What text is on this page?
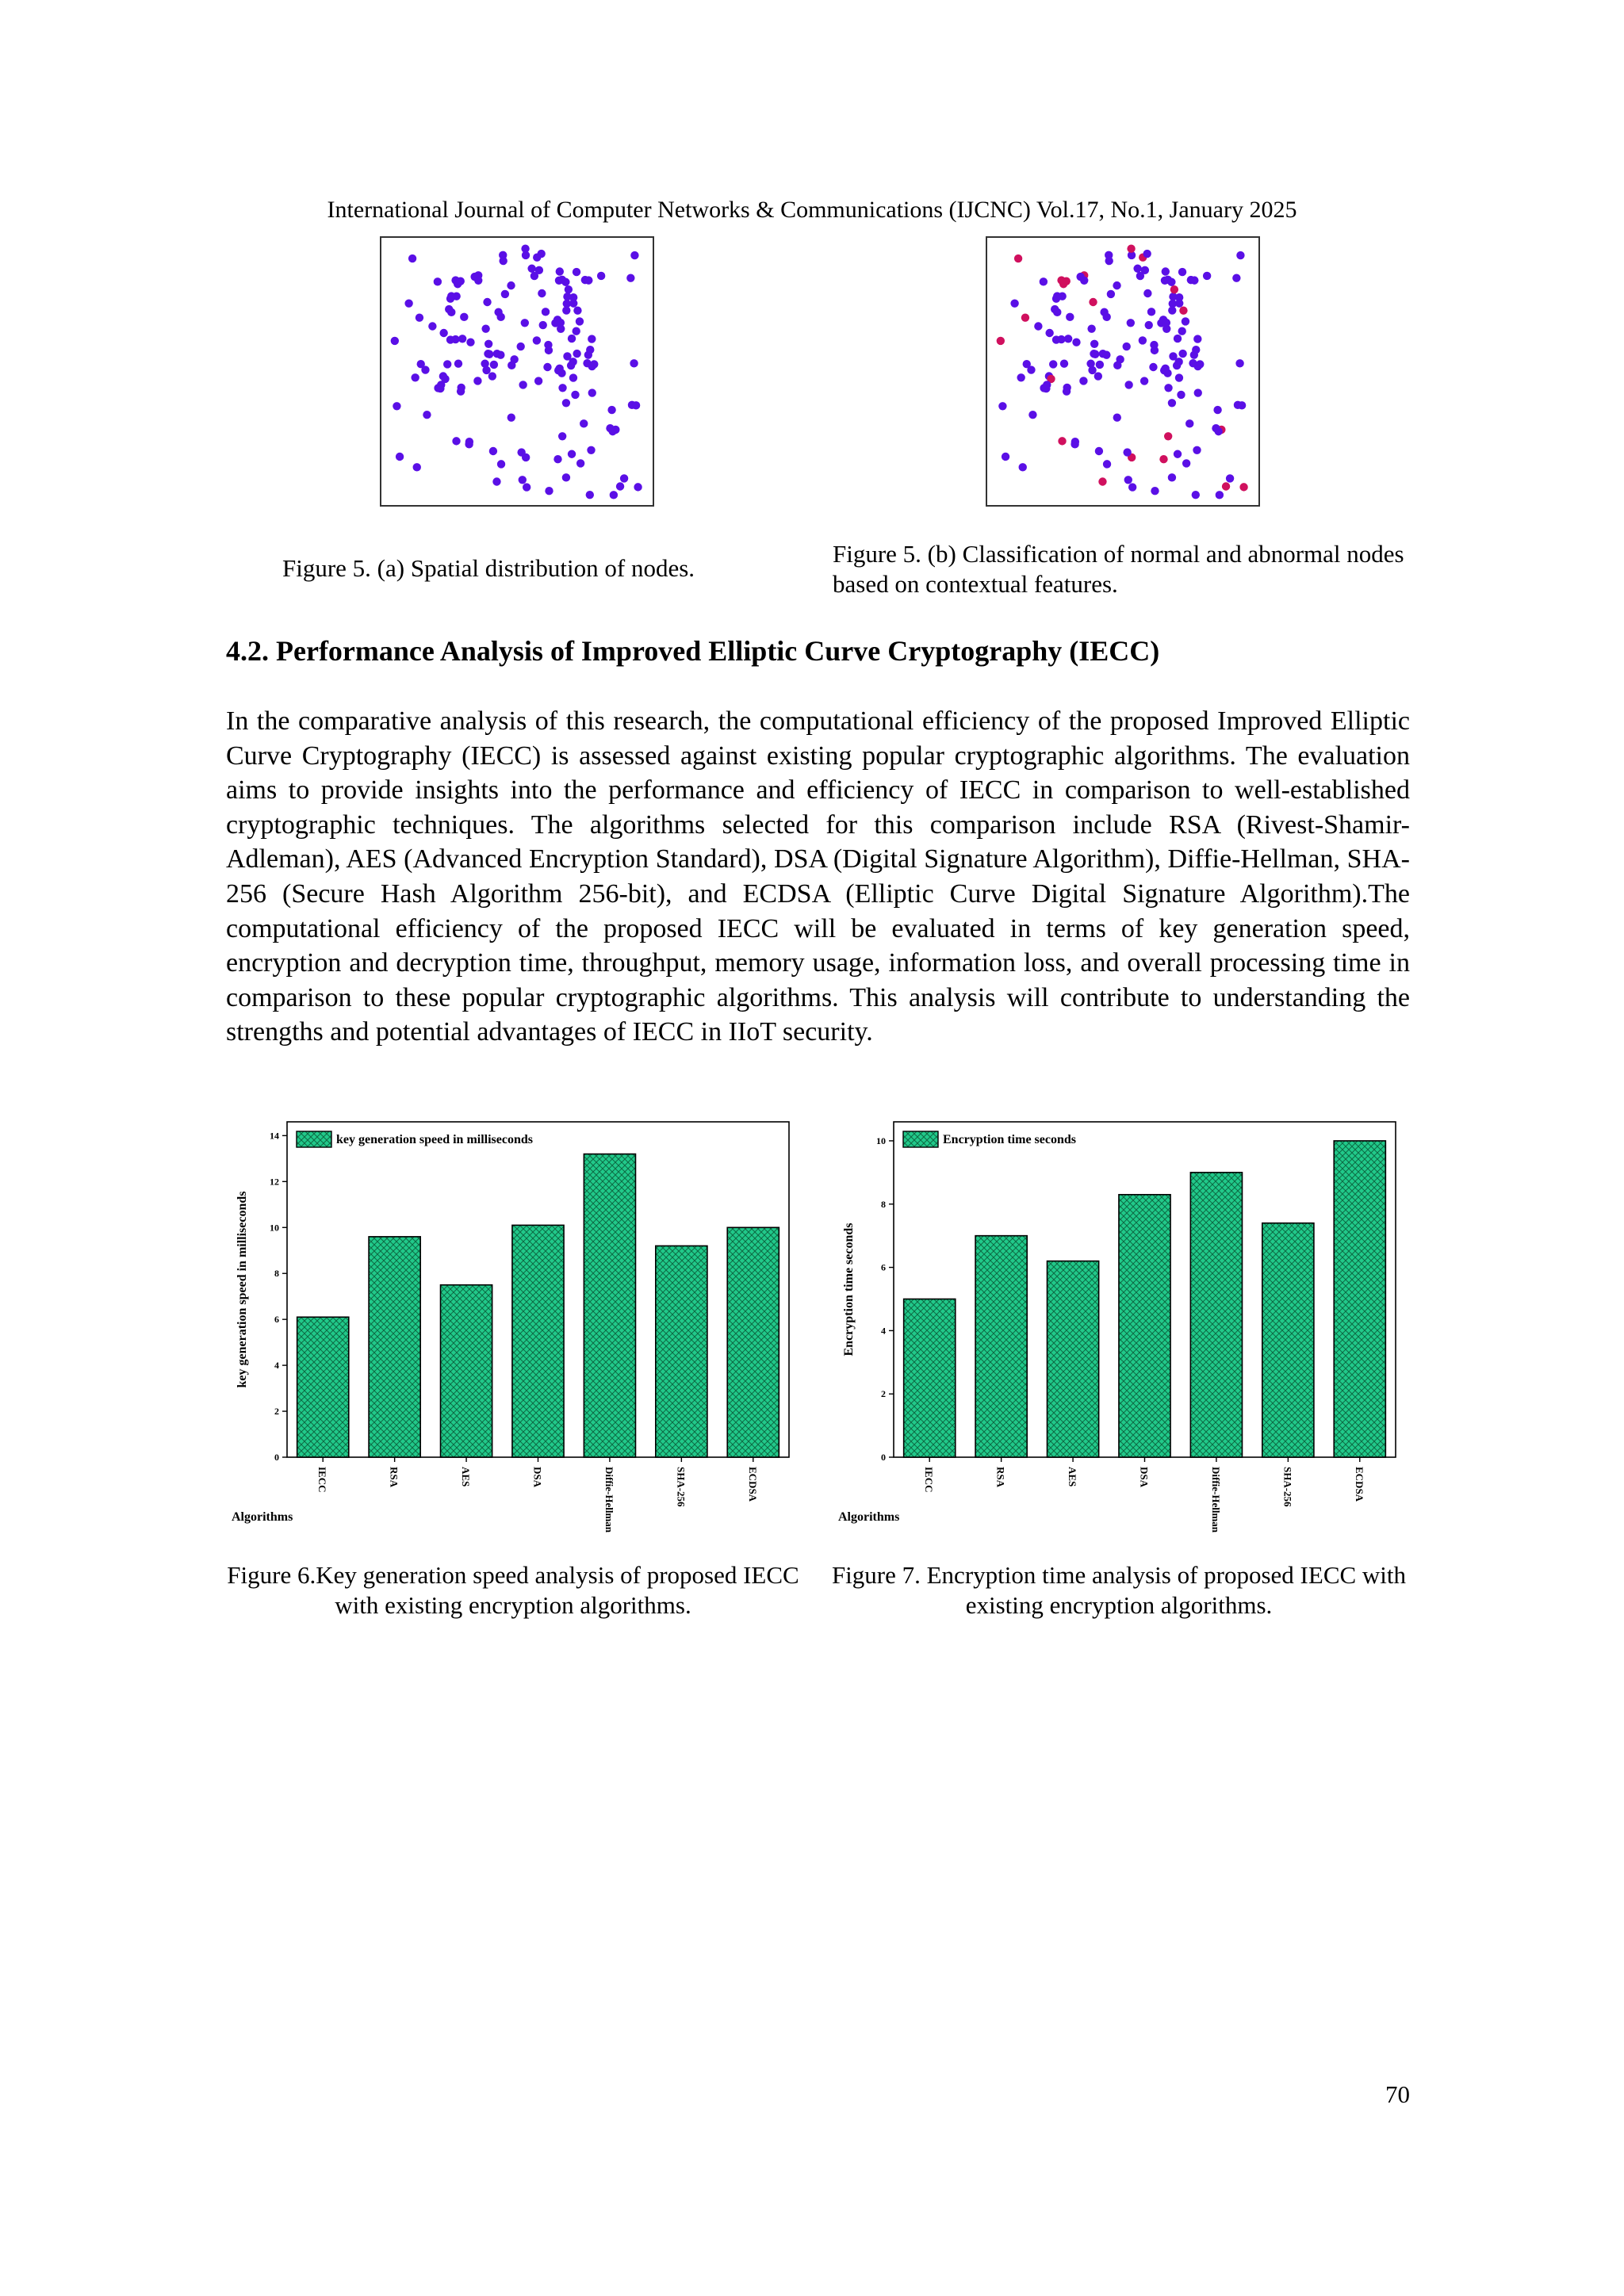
International Journal of Computer Networks & Communications (IJCNC) Vol.17, No.1, January 2025
Figure 5. (a) Spatial distribution of nodes.
Figure 5. (b) Classification of normal and abnormal nodes based on contextual features.
4.2. Performance Analysis of Improved Elliptic Curve Cryptography (IECC)
In the comparative analysis of this research, the computational efficiency of the proposed Improved Elliptic Curve Cryptography (IECC) is assessed against existing popular cryptographic algorithms. The evaluation aims to provide insights into the performance and efficiency of IECC in comparison to well-established cryptographic techniques. The algorithms selected for this comparison include RSA (Rivest-Shamir-Adleman), AES (Advanced Encryption Standard), DSA (Digital Signature Algorithm), Diffie-Hellman, SHA-256 (Secure Hash Algorithm 256-bit), and ECDSA (Elliptic Curve Digital Signature Algorithm).The computational efficiency of the proposed IECC will be evaluated in terms of key generation speed, encryption and decryption time, throughput, memory usage, information loss, and overall processing time in comparison to these popular cryptographic algorithms. This analysis will contribute to understanding the strengths and potential advantages of IECC in IIoT security.
0
2
4
6
8
10
12
14
key generation speed in milliseconds
IECC	RSA	AES	DSA	Diffie-Hellman	SHA-256	ECDSA
Algorithms
key generation speed in milliseconds
0
2
4
6
8
10
Encryption time seconds
IECC	RSA	AES	DSA	Diffie-Hellman	SHA-256	ECDSA
Algorithms
Encryption time seconds
Figure 6.Key generation speed analysis of proposed IECC with existing encryption algorithms.
Figure 7. Encryption time analysis of proposed IECC with existing encryption algorithms.
70
